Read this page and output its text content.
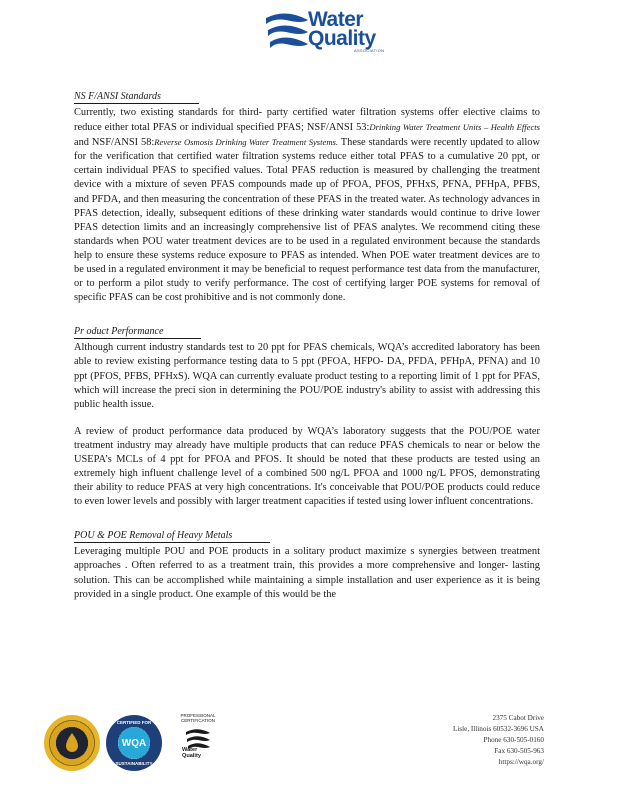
Water
Quality
ASSOCIATION
NS F/ANSI Standards

Currently, two existing standards for third- party certified water filtration systems offer elective claims to reduce either total PFAS or individual specified PFAS; NSF/ANSI 53:Drinking Water Treatment Units – Health Effects and NSF/ANSI 58:Reverse Osmosis Drinking Water Treatment Systems. These standards were recently updated to allow for the verification that certified water filtration systems reduce either total PFAS to a cumulative 20 ppt, or certain individual PFAS to specified values. Total PFAS reduction is measured by challenging the treatment device with a mixture of seven PFAS compounds made up of PFOA, PFOS, PFHxS, PFNA, PFHpA, PFBS, and PFDA, and then measuring the concentration of these PFAS in the treated water. As technology advances in PFAS detection, ideally, subsequent editions of these drinking water standards would continue to drive lower PFAS detection limits and an increasingly comprehensive list of PFAS analytes. We recommend citing these standards when POU water treatment devices are to be used in a regulated environment because the standards help to ensure these systems reduce exposure to PFAS as intended. When POE water treatment devices are to be used in a regulated environment it may be beneficial to request performance test data from the manufacturer, or to perform a pilot study to verify performance. The cost of certifying larger POE systems for removal of specific PFAS can be cost prohibitive and is not commonly done.

Pr oduct Performance

Although current industry standards test to 20 ppt for PFAS chemicals, WQA’s accredited laboratory has been able to review existing performance testing data to 5 ppt (PFOA, HFPO- DA, PFDA, PFHpA, PFNA) and 10 ppt (PFOS, PFBS, PFHxS). WQA can currently evaluate product testing to a reporting limit of 1 ppt for PFAS, which will increase the preci sion in determining the POU/POE industry's ability to assist with addressing this public health issue.

A review of product performance data produced by WQA’s laboratory suggests that the POU/POE water treatment industry may already have multiple products that can reduce PFAS chemicals to near or below the USEPA’s MCLs of 4 ppt for PFOA and PFOS. It should be noted that these products are tested using an extremely high influent challenge level of a combined 500 ng/L PFOA and 1000 ng/L PFOS, demonstrating their ability to reduce PFAS at very high concentrations. It's conceivable that POU/POE products could reduce to even lower levels and possibly with larger treatment capacities if tested using lower influent concentrations.

POU & POE Removal of Heavy Metals

Leveraging multiple POU and POE products in a solitary product maximize s synergies between treatment approaches . Often referred to as a treatment train, this provides a more comprehensive and longer- lasting solution. This can be accomplished while maintaining a simple installation and user experience as it is being provided in a single product. One example of this would be the

CERTIFIED FOR
WQA
SUSTAINABILITY
PROFESSIONAL CERTIFICATION
Water
Quality
2375 Cabot Drive
Lisle, Illinois 60532-3696 USA
Phone 630-505-0160
Fax 630-505-963
https://wqa.org/
